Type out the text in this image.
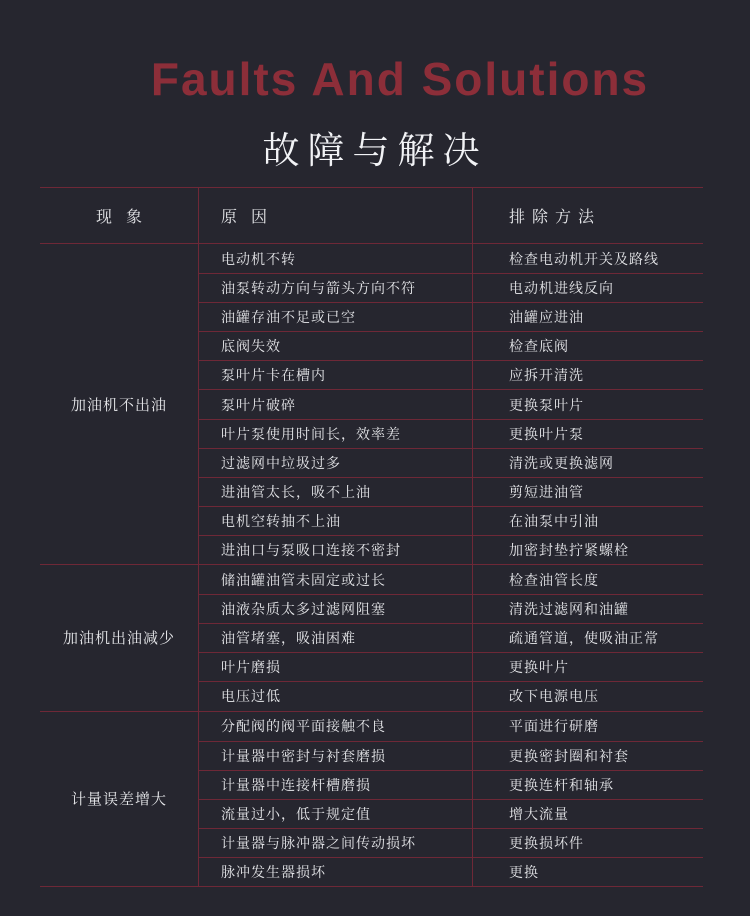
Faults And Solutions
故障与解决
现象	原因	排除方法
加油机不出油
电动机不转	检查电动机开关及路线
油泵转动方向与箭头方向不符	电动机进线反向
油罐存油不足或已空	油罐应进油
底阀失效	检查底阀
泵叶片卡在槽内	应拆开清洗
泵叶片破碎	更换泵叶片
叶片泵使用时间长，效率差	更换叶片泵
过滤网中垃圾过多	清洗或更换滤网
进油管太长，吸不上油	剪短进油管
电机空转抽不上油	在油泵中引油
进油口与泵吸口连接不密封	加密封垫拧紧螺栓
加油机出油减少
储油罐油管未固定或过长	检查油管长度
油液杂质太多过滤网阻塞	清洗过滤网和油罐
油管堵塞，吸油困难	疏通管道，使吸油正常
叶片磨损	更换叶片
电压过低	改下电源电压
计量误差增大
分配阀的阀平面接触不良	平面进行研磨
计量器中密封与衬套磨损	更换密封圈和衬套
计量器中连接杆槽磨损	更换连杆和轴承
流量过小，低于规定值	增大流量
计量器与脉冲器之间传动损坏	更换损坏件
脉冲发生器损坏	更换
